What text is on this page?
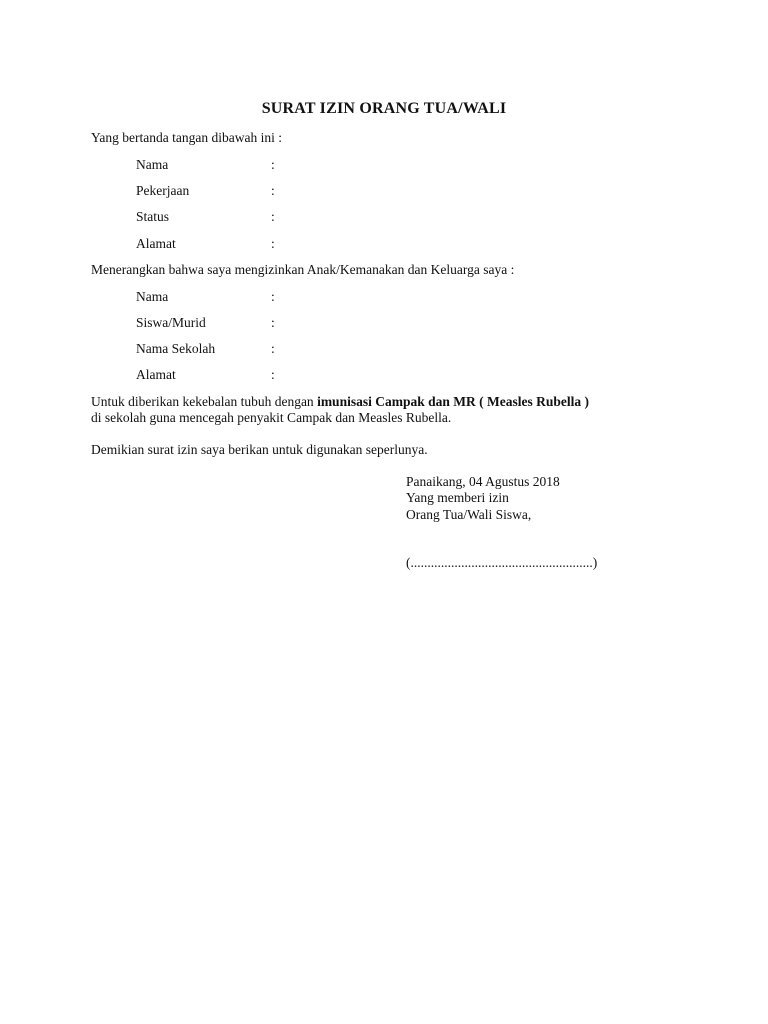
SURAT IZIN ORANG TUA/WALI
Yang bertanda tangan dibawah ini :
Nama	:
Pekerjaan	:
Status	:
Alamat	:
Menerangkan bahwa saya mengizinkan Anak/Kemanakan dan Keluarga saya :
Nama	:
Siswa/Murid	:
Nama Sekolah	:
Alamat	:
Untuk diberikan kekebalan tubuh dengan imunisasi Campak dan MR ( Measles Rubella )
di sekolah guna mencegah penyakit Campak dan Measles Rubella.
Demikian surat izin saya berikan untuk digunakan seperlunya.
Panaikang, 04 Agustus 2018
Yang memberi izin
Orang Tua/Wali Siswa,
(......................................................)
